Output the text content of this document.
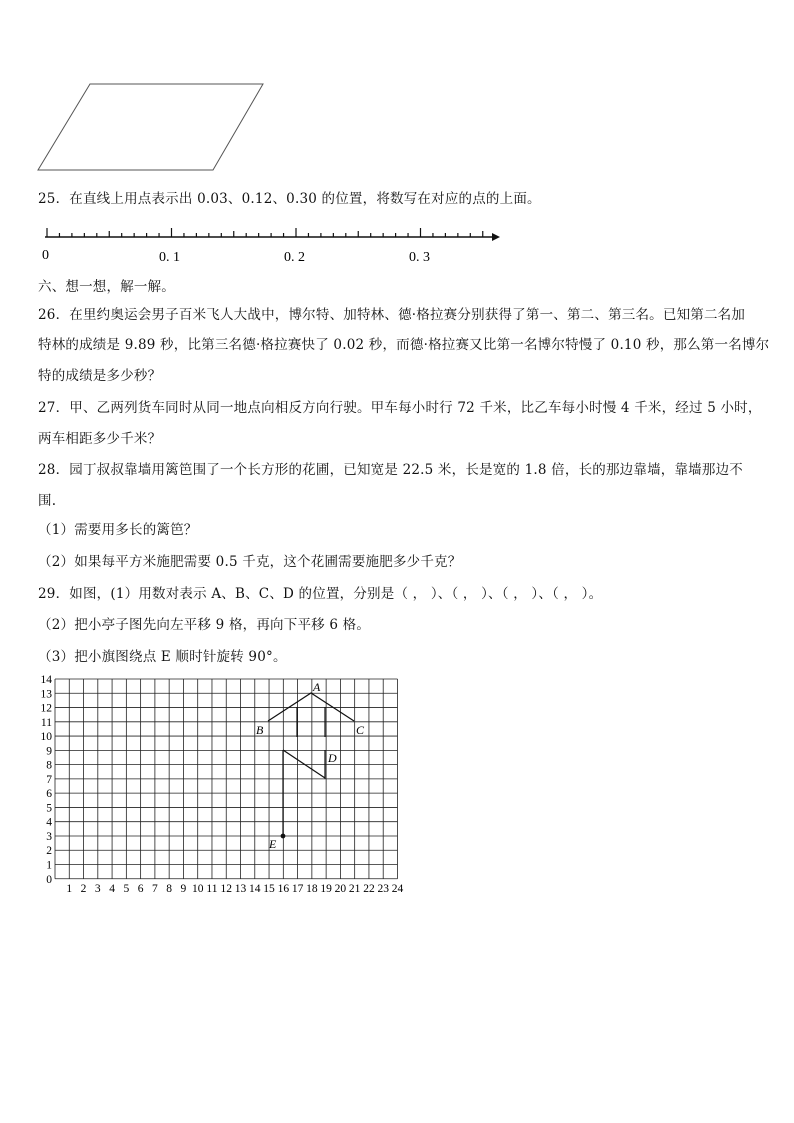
25．在直线上用点表示出 0.03、0.12、0.30 的位置，将数写在对应的点的上面。
0	0. 1	0. 2	0. 3
六、想一想，解一解。
26．在里约奥运会男子百米飞人大战中，博尔特、加特林、德·格拉赛分别获得了第一、第二、第三名。已知第二名加
特林的成绩是 9.89 秒，比第三名德·格拉赛快了 0.02 秒，而德·格拉赛又比第一名博尔特慢了 0.10 秒，那么第一名博尔
特的成绩是多少秒？
27．甲、乙两列货车同时从同一地点向相反方向行驶。甲车每小时行 72 千米，比乙车每小时慢 4 千米，经过 5 小时，
两车相距多少千米？
28．园丁叔叔靠墙用篱笆围了一个长方形的花圃，已知宽是 22.5 米，长是宽的 1.8 倍，长的那边靠墙，靠墙那边不
围.
（1）需要用多长的篱笆？
（2）如果每平方米施肥需要 0.5 千克，这个花圃需要施肥多少千克？
29．如图，(1）用数对表示 A、B、C、D 的位置，分别是（ ， ）、（ ， ）、（ ， ）、（ ， ）。
（2）把小亭子图先向左平移 9 格，再向下平移 6 格。
（3）把小旗图绕点 E 顺时针旋转 90°。
1 2 3 4 5 6 7 8 9 10 11 12 13 14 15 16 17 18 19 20 21 22 23 24
0
1
2
3
4
5
6
7
8
9
10
11
12
13
14	A
B	C
D
E
